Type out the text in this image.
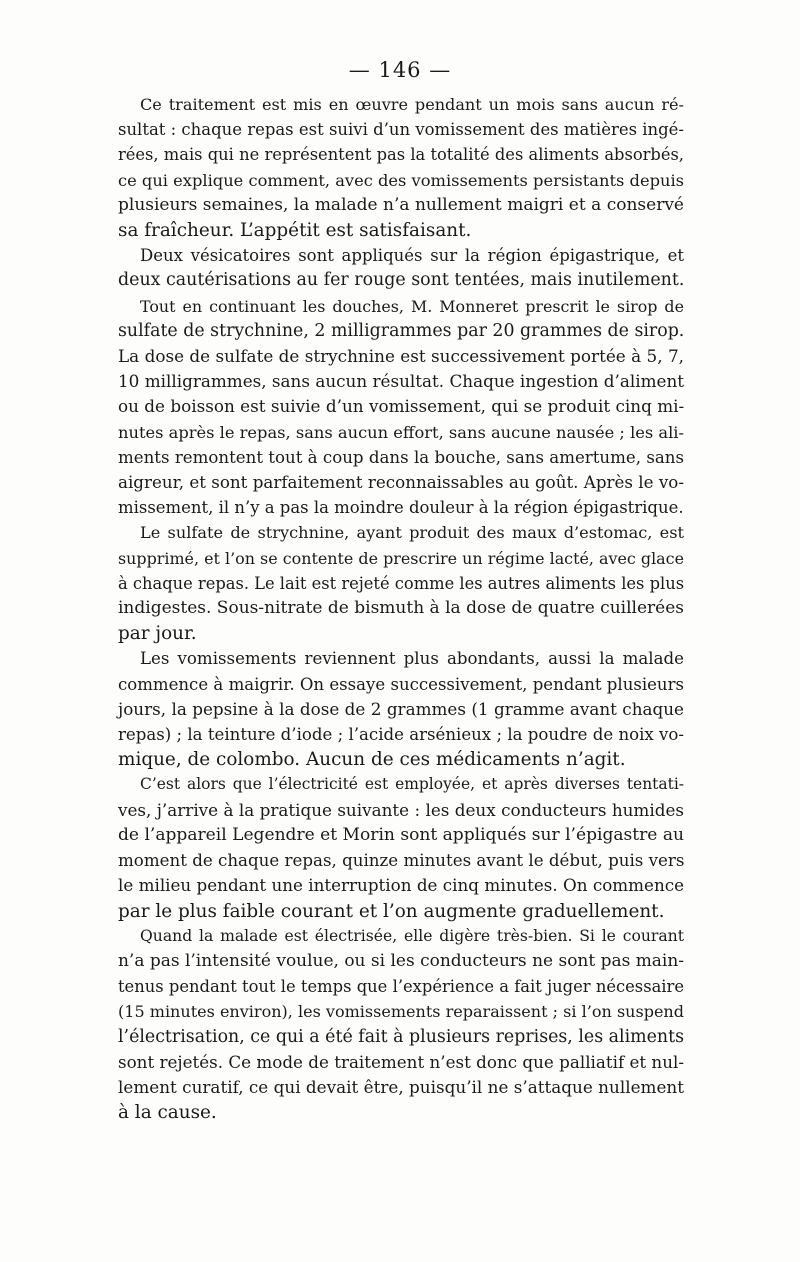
— 146 —

Ce traitement est mis en œuvre pendant un mois sans aucun ré-
sultat : chaque repas est suivi d’un vomissement des matières ingé-
rées, mais qui ne représentent pas la totalité des aliments absorbés,
ce qui explique comment, avec des vomissements persistants depuis
plusieurs semaines, la malade n’a nullement maigri et a conservé
sa fraîcheur. L’appétit est satisfaisant.

Deux vésicatoires sont appliqués sur la région épigastrique, et
deux cautérisations au fer rouge sont tentées, mais inutilement.

Tout en continuant les douches, M. Monneret prescrit le sirop de
sulfate de strychnine, 2 milligrammes par 20 grammes de sirop.
La dose de sulfate de strychnine est successivement portée à 5, 7,
10 milligrammes, sans aucun résultat. Chaque ingestion d’aliment
ou de boisson est suivie d’un vomissement, qui se produit cinq mi-
nutes après le repas, sans aucun effort, sans aucune nausée ; les ali-
ments remontent tout à coup dans la bouche, sans amertume, sans
aigreur, et sont parfaitement reconnaissables au goût. Après le vo-
missement, il n’y a pas la moindre douleur à la région épigastrique.

Le sulfate de strychnine, ayant produit des maux d’estomac, est
supprimé, et l’on se contente de prescrire un régime lacté, avec glace
à chaque repas. Le lait est rejeté comme les autres aliments les plus
indigestes. Sous-nitrate de bismuth à la dose de quatre cuillerées
par jour.

Les vomissements reviennent plus abondants, aussi la malade
commence à maigrir. On essaye successivement, pendant plusieurs
jours, la pepsine à la dose de 2 grammes (1 gramme avant chaque
repas) ; la teinture d’iode ; l’acide arsénieux ; la poudre de noix vo-
mique, de colombo. Aucun de ces médicaments n’agit.

C’est alors que l’électricité est employée, et après diverses tentati-
ves, j’arrive à la pratique suivante : les deux conducteurs humides
de l’appareil Legendre et Morin sont appliqués sur l’épigastre au
moment de chaque repas, quinze minutes avant le début, puis vers
le milieu pendant une interruption de cinq minutes. On commence
par le plus faible courant et l’on augmente graduellement.

Quand la malade est électrisée, elle digère très-bien. Si le courant
n’a pas l’intensité voulue, ou si les conducteurs ne sont pas main-
tenus pendant tout le temps que l’expérience a fait juger nécessaire
(15 minutes environ), les vomissements reparaissent ; si l’on suspend
l’électrisation, ce qui a été fait à plusieurs reprises, les aliments
sont rejetés. Ce mode de traitement n’est donc que palliatif et nul-
lement curatif, ce qui devait être, puisqu’il ne s’attaque nullement
à la cause.
